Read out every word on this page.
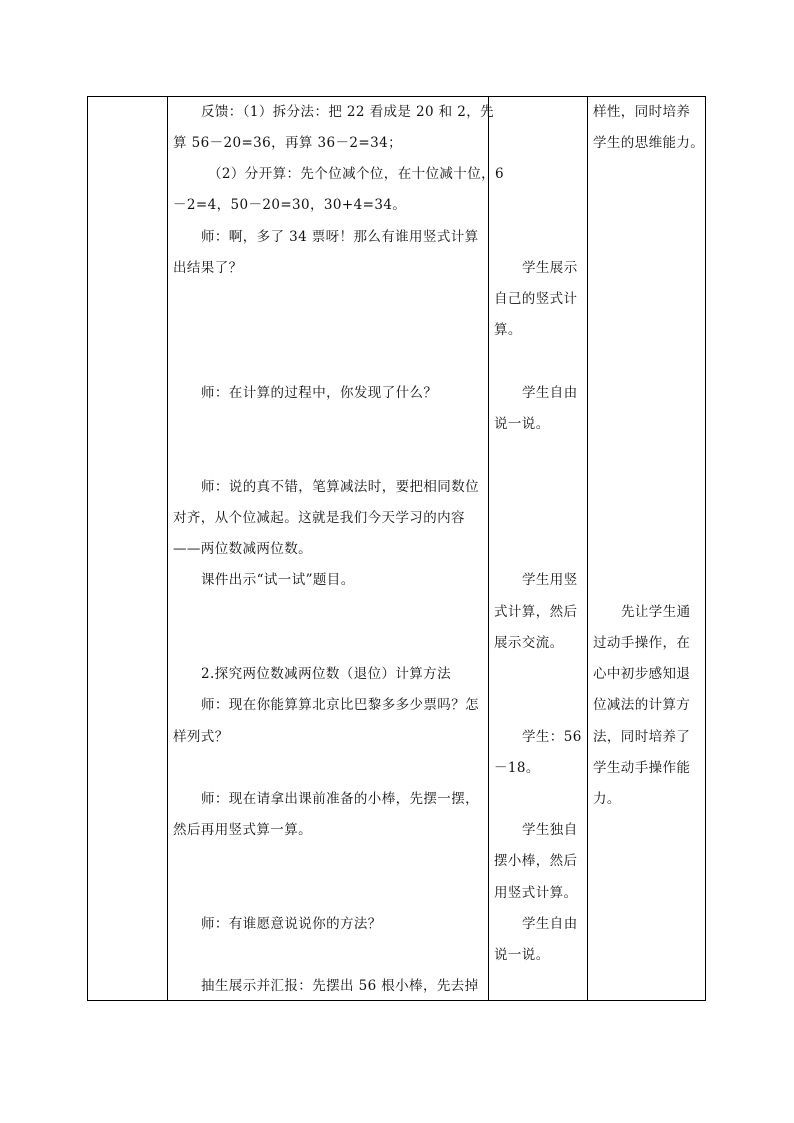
反馈：（1）拆分法：把 22 看成是 20 和 2，先
算 56－20=36，再算 36－2=34；
（2）分开算：先个位减个位，在十位减十位，6
－2=4，50－20=30，30+4=34。
师：啊，多了 34 票呀！那么有谁用竖式计算
出结果了？
师：在计算的过程中，你发现了什么？
师：说的真不错，笔算减法时，要把相同数位
对齐，从个位减起。这就是我们今天学习的内容
——两位数减两位数。
课件出示“试一试”题目。
2.探究两位数减两位数（退位）计算方法
师：现在你能算算北京比巴黎多多少票吗？怎
样列式？
师：现在请拿出课前准备的小棒，先摆一摆，
然后再用竖式算一算。
师：有谁愿意说说你的方法？
抽生展示并汇报：先摆出 56 根小棒，先去掉
学生展示
自己的竖式计
算。
学生自由
说一说。
学生用竖
式计算，然后
展示交流。
学生：56
－18。
学生独自
摆小棒，然后
用竖式计算。
学生自由
说一说。
样性，同时培养
学生的思维能力。
先让学生通
过动手操作，在
心中初步感知退
位减法的计算方
法，同时培养了
学生动手操作能
力。
